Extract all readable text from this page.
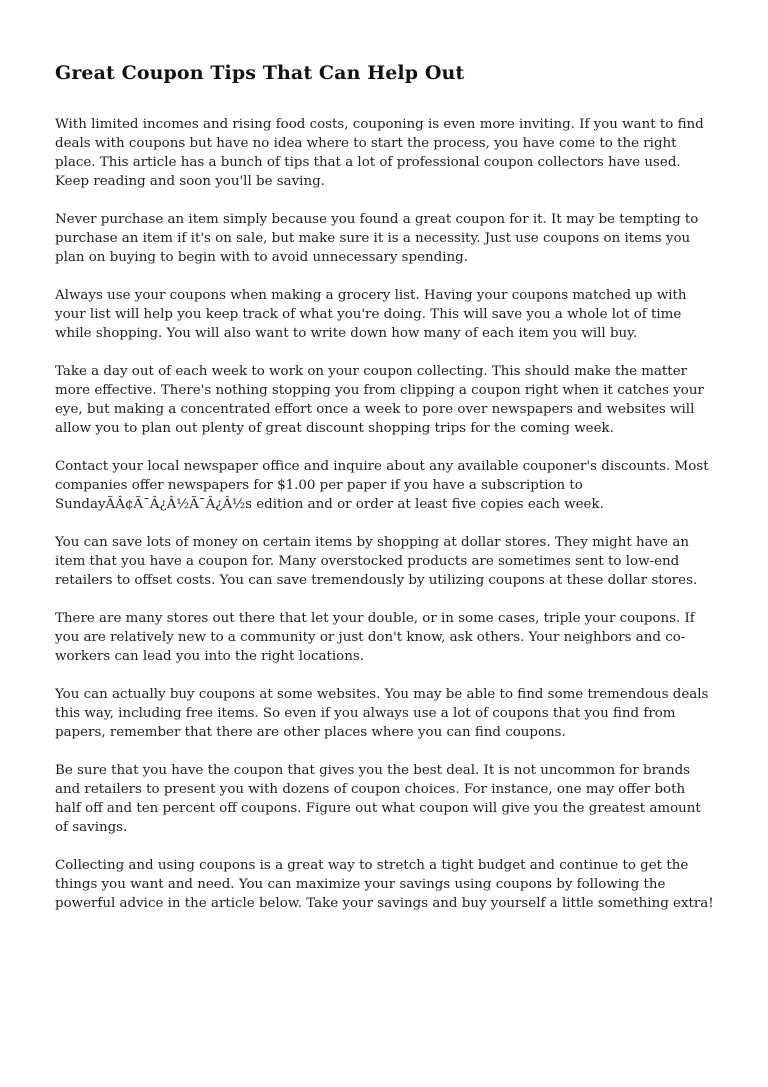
Great Coupon Tips That Can Help Out

With limited incomes and rising food costs, couponing is even more inviting. If you want to find deals with coupons but have no idea where to start the process, you have come to the right place. This article has a bunch of tips that a lot of professional coupon collectors have used. Keep reading and soon you'll be saving.

Never purchase an item simply because you found a great coupon for it. It may be tempting to purchase an item if it's on sale, but make sure it is a necessity. Just use coupons on items you plan on buying to begin with to avoid unnecessary spending.

Always use your coupons when making a grocery list. Having your coupons matched up with your list will help you keep track of what you're doing. This will save you a whole lot of time while shopping. You will also want to write down how many of each item you will buy.

Take a day out of each week to work on your coupon collecting. This should make the matter more effective. There's nothing stopping you from clipping a coupon right when it catches your eye, but making a concentrated effort once a week to pore over newspapers and websites will allow you to plan out plenty of great discount shopping trips for the coming week.

Contact your local newspaper office and inquire about any available couponer's discounts. Most companies offer newspapers for $1.00 per paper if you have a subscription to SundayÃÂ¢Ã¯Â¿Â½Ã¯Â¿Â½s edition and or order at least five copies each week.

You can save lots of money on certain items by shopping at dollar stores. They might have an item that you have a coupon for. Many overstocked products are sometimes sent to low-end retailers to offset costs. You can save tremendously by utilizing coupons at these dollar stores.

There are many stores out there that let your double, or in some cases, triple your coupons. If you are relatively new to a community or just don't know, ask others. Your neighbors and co-workers can lead you into the right locations.

You can actually buy coupons at some websites. You may be able to find some tremendous deals this way, including free items. So even if you always use a lot of coupons that you find from papers, remember that there are other places where you can find coupons.

Be sure that you have the coupon that gives you the best deal. It is not uncommon for brands and retailers to present you with dozens of coupon choices. For instance, one may offer both half off and ten percent off coupons. Figure out what coupon will give you the greatest amount of savings.

Collecting and using coupons is a great way to stretch a tight budget and continue to get the things you want and need. You can maximize your savings using coupons by following the powerful advice in the article below. Take your savings and buy yourself a little something extra!
